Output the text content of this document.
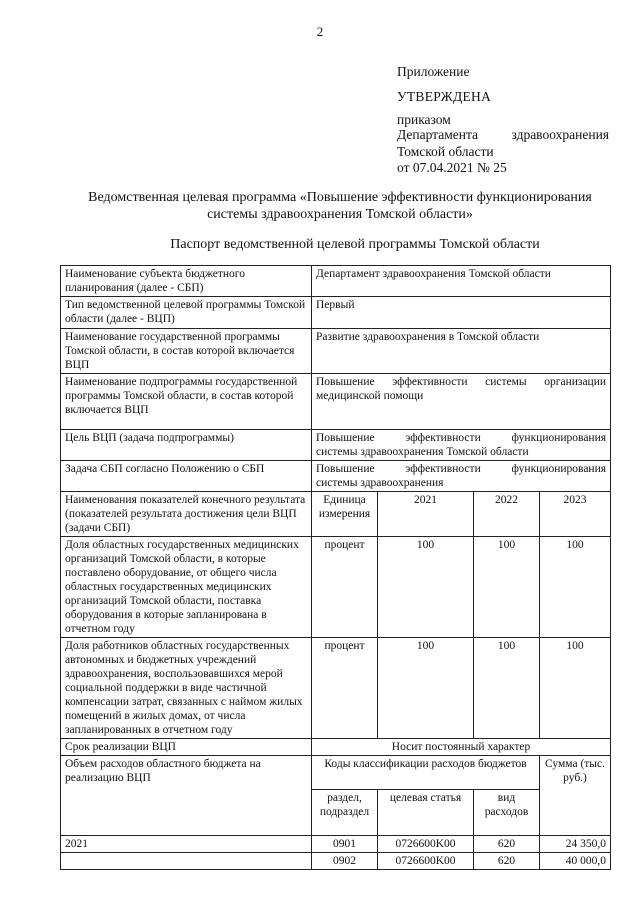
2
Приложение
УТВЕРЖДЕНА
приказом
Департамента здравоохранения
Томской области
от 07.04.2021 № 25
Ведомственная целевая программа «Повышение эффективности функционирования
системы здравоохранения Томской области»
Паспорт ведомственной целевой программы Томской области
Наименование субъекта бюджетного планирования (далее - СБП)	Департамент здравоохранения Томской области			
Тип ведомственной целевой программы Томской области (далее - ВЦП)	Первый			
Наименование государственной программы Томской области, в состав которой включается ВЦП	Развитие здравоохранения в Томской области			
Наименование подпрограммы государственной программы Томской области, в состав которой включается ВЦП	Повышение эффективности системы организации
медицинской помощи			
Цель ВЦП (задача подпрограммы)	Повышение эффективности функционирования
системы здравоохранения Томской области			
Задача СБП согласно Положению о СБП	Повышение эффективности функционирования
системы здравоохранения			
Наименования показателей конечного результата (показателей результата достижения цели ВЦП (задачи СБП)	Единица измерения	2021	2022	2023
Доля областных государственных медицинских организаций Томской области, в которые поставлено оборудование, от общего числа областных государственных медицинских организаций Томской области, поставка оборудования в которые запланирована в отчетном году	процент	100	100	100
Доля работников областных государственных автономных и бюджетных учреждений здравоохранения, воспользовавшихся мерой социальной поддержки в виде частичной компенсации затрат, связанных с наймом жилых помещений в жилых домах, от числа запланированных в отчетном году	процент	100	100	100
Срок реализации ВЦП	Носит постоянный характер			
Объем расходов областного бюджета на реализацию ВЦП	Коды классификации расходов бюджетов			Сумма (тыс. руб.)
	раздел, подраздел	целевая статья	вид расходов	
2021	0901	0726600K00	620	24 350,0
	0902	0726600K00	620	40 000,0
